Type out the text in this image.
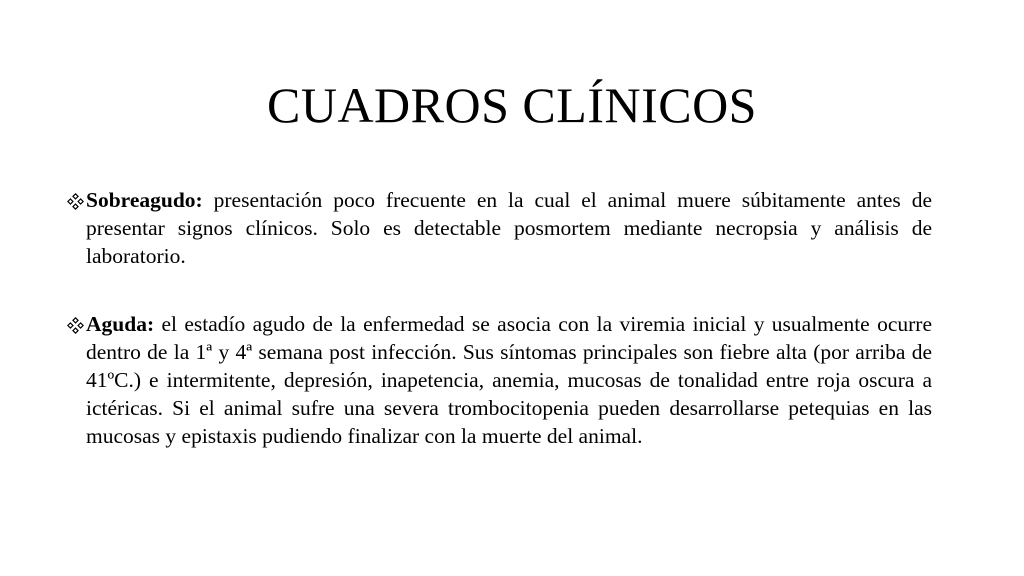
CUADROS CLÍNICOS
Sobreagudo: presentación poco frecuente en la cual el animal muere súbitamente antes de presentar signos clínicos. Solo es detectable posmortem mediante necropsia y análisis de laboratorio.
Aguda: el estadío agudo de la enfermedad se asocia con la viremia inicial y usualmente ocurre dentro de la 1ª y 4ª semana post infección. Sus síntomas principales son fiebre alta (por arriba de 41ºC.) e intermitente, depresión, inapetencia, anemia, mucosas de tonalidad entre roja oscura a ictéricas. Si el animal sufre una severa trombocitopenia pueden desarrollarse petequias en las mucosas y epistaxis pudiendo finalizar con la muerte del animal.
